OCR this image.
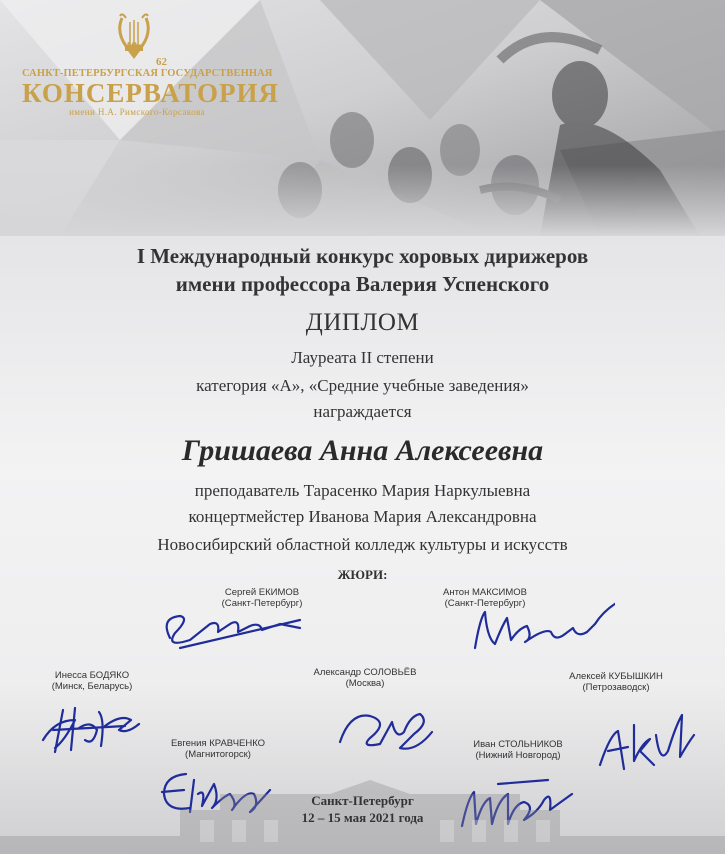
18
62
САНКТ-ПЕТЕРБУРГСКАЯ ГОСУДАРСТВЕННАЯ
КОНСЕРВАТОРИЯ
имени Н.А. Римского-Корсакова
I Международный конкурс хоровых дирижеров
имени профессора Валерия Успенского
ДИПЛОМ
Лауреата II степени
категория «А», «Средние учебные заведения»
награждается
Гришаева Анна Алексеевна
преподаватель Тарасенко Мария Наркулыевна
концертмейстер Иванова Мария Александровна
Новосибирский областной колледж культуры и искусств
ЖЮРИ:
Сергей ЕКИМОВ
(Санкт-Петербург)
Антон МАКСИМОВ
(Санкт-Петербург)
Инесса БОДЯКО
(Минск, Беларусь)
Александр СОЛОВЬЁВ
(Москва)
Алексей КУБЫШКИН
(Петрозаводск)
Евгения КРАВЧЕНКО
(Магнитогорск)
Иван СТОЛЬНИКОВ
(Нижний Новгород)
Санкт-Петербург
12 – 15 мая 2021 года
